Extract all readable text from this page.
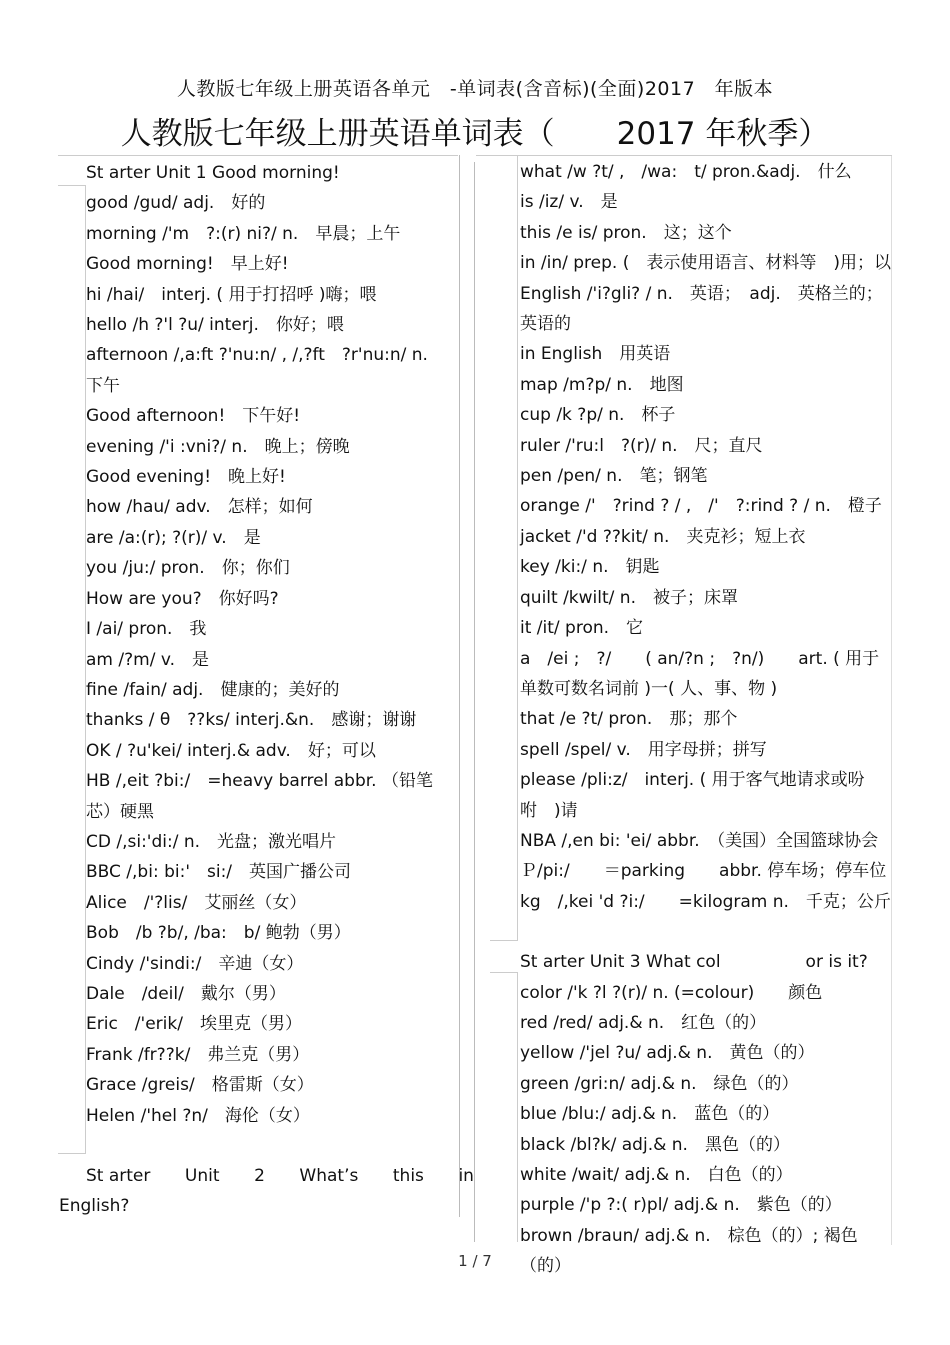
人教版七年级上册英语各单元　-单词表(含音标)(全面)2017　年版本
人教版七年级上册英语单词表（　　2017 年秋季）
St arter Unit 1 Good morning!
good /gud/ adj.　好的
morning /'m　?:(r) ni?/ n.　早晨；上午
Good morning!　早上好!
hi /hai/　interj. ( 用于打招呼 )嗨；喂
hello /h ?'l ?u/ interj.　你好；喂
afternoon /,a:ft ?'nu:n/ , /,?ft　?r'nu:n/ n.　下午
Good afternoon!　下午好!
evening /'i :vni?/ n.　晚上；傍晚
Good evening!　晚上好!
how /hau/ adv.　怎样；如何
are /a:(r); ?(r)/ v.　是
you /ju:/ pron.　你；你们
How are you?　你好吗?
I /ai/ pron.　我
am /?m/ v.　是
fine /fain/ adj.　健康的；美好的
thanks / θ　??ks/ interj.&n.　感谢；谢谢
OK / ?u'kei/ interj.& adv.　好；可以
HB /,eit ?bi:/　=heavy barrel abbr. （铅笔芯）硬黑
CD /,si:'di:/ n.　光盘；激光唱片
BBC /,bi: bi:'　si:/　英国广播公司
Alice　/'?lis/　艾丽丝（女）
Bob　/b ?b/, /ba:　b/ 鲍勃（男）
Cindy /'sindi:/　辛迪（女）
Dale　/deil/　戴尔（男）
Eric　/'erik/　埃里克（男）
Frank /fr??k/　弗兰克（男）
Grace /greis/　格雷斯（女）
Helen /'hel ?n/　海伦（女）
St arter Unit 2 What’s this in
English?
what /w ?t/ ,　/wa:　t/ pron.&adj.　什么
is /iz/ v.　是
this /e is/ pron.　这；这个
in /in/ prep. (　表示使用语言、材料等　)用；以
English /'i?gli? / n.　英语；　adj.　英格兰的；英语的
in English　用英语
map /m?p/ n.　地图
cup /k ?p/ n.　杯子
ruler /'ru:l　?(r)/ n.　尺；直尺
pen /pen/ n.　笔；钢笔
orange /'　?rind ? / ,　/'　?:rind ? / n.　橙子
jacket /'d ??kit/ n.　夹克衫；短上衣
key /ki:/ n.　钥匙
quilt /kwilt/ n.　被子；床罩
it /it/ pron.　它
a　/ei ;　?/　　( an/?n ;　?n/)　　art. ( 用于单数可数名词前 )一( 人、事、物 )
that /e ?t/ pron.　那；那个
spell /spel/ v.　用字母拼；拼写
please /pli:z/　interj. ( 用于客气地请求或吩咐　)请
NBA /,en bi: 'ei/ abbr.　（美国）全国篮球协会
Ｐ/pi:/　　＝parking　　abbr. 停车场；停车位
kg　/,kei 'd ?i:/　　=kilogram n.　千克；公斤
St arter Unit 3 What col　　　　　or is it?
color /'k ?l ?(r)/ n. (=colour)　　颜色
red /red/ adj.& n.　红色（的）
yellow /'jel ?u/ adj.& n.　黄色（的）
green /gri:n/ adj.& n.　绿色（的）
blue /blu:/ adj.& n.　蓝色（的）
black /bl?k/ adj.& n.　黑色（的）
white /wait/ adj.& n.　白色（的）
purple /'p ?:( r)pl/ adj.& n.　紫色（的）
brown /braun/ adj.& n.　棕色（的）; 褐色（的）
1 / 7
